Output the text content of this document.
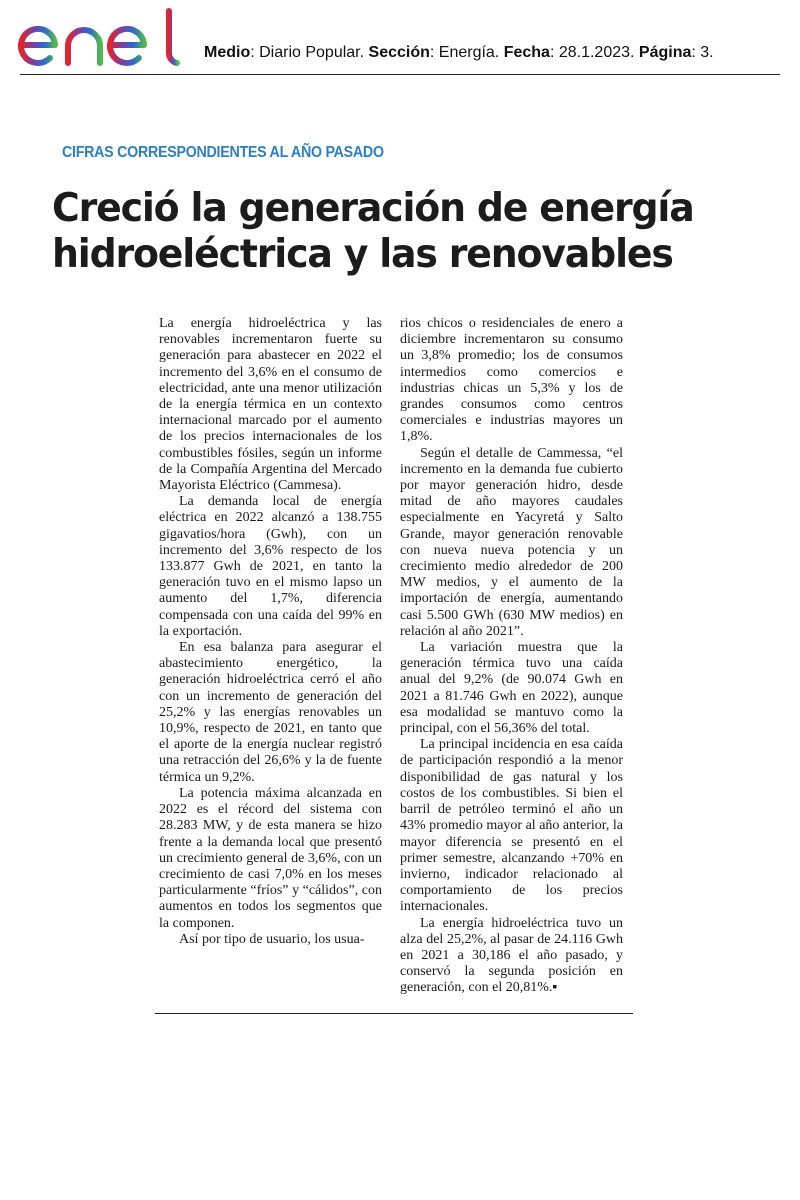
Medio: Diario Popular. Sección: Energía. Fecha: 28.1.2023. Página: 3.
CIFRAS CORRESPONDIENTES AL AÑO PASADO
Creció la generación de energía
hidroeléctrica y las renovables

La energía hidroeléctrica y las renovables incrementaron fuerte su generación para abastecer en 2022 el incremento del 3,6% en el consumo de electricidad, ante una menor utilización de la energía térmica en un contexto internacional marcado por el aumento de los precios internacionales de los combustibles fósiles, según un informe de la Compañía Argentina del Mercado Mayorista Eléctrico (Cammesa).

La demanda local de energía eléctrica en 2022 alcanzó a 138.755 gigavatios/hora (Gwh), con un incremento del 3,6% respecto de los 133.877 Gwh de 2021, en tanto la generación tuvo en el mismo lapso un aumento del 1,7%, diferencia compensada con una caída del 99% en la exportación.

En esa balanza para asegurar el abastecimiento energético, la generación hidroeléctrica cerró el año con un incremento de generación del 25,2% y las energías renovables un 10,9%, respecto de 2021, en tanto que el aporte de la energía nuclear registró una retracción del 26,6% y la de fuente térmica un 9,2%.

La potencia máxima alcanzada en 2022 es el récord del sistema con 28.283 MW, y de esta manera se hizo frente a la demanda local que presentó un crecimiento general de 3,6%, con un crecimiento de casi 7,0% en los meses particularmente “fríos” y “cálidos”, con aumentos en todos los segmentos que la componen.

Así por tipo de usuario, los usua-

rios chicos o residenciales de enero a diciembre incrementaron su consumo un 3,8% promedio; los de consumos intermedios como comercios e industrias chicas un 5,3% y los de grandes consumos como centros comerciales e industrias mayores un 1,8%.

Según el detalle de Cammessa, “el incremento en la demanda fue cubierto por mayor generación hidro, desde mitad de año mayores caudales especialmente en Yacyretá y Salto Grande, mayor generación renovable con nueva nueva potencia y un crecimiento medio alrededor de 200 MW medios, y el aumento de la importación de energía, aumentando casi 5.500 GWh (630 MW medios) en relación al año 2021”.

La variación muestra que la generación térmica tuvo una caída anual del 9,2% (de 90.074 Gwh en 2021 a 81.746 Gwh en 2022), aunque esa modalidad se mantuvo como la principal, con el 56,36% del total.

La principal incidencia en esa caída de participación respondió a la menor disponibilidad de gas natural y los costos de los combustibles. Si bien el barril de petróleo terminó el año un 43% promedio mayor al año anterior, la mayor diferencia se presentó en el primer semestre, alcanzando +70% en invierno, indicador relacionado al comportamiento de los precios internacionales.

La energía hidroeléctrica tuvo un alza del 25,2%, al pasar de 24.116 Gwh en 2021 a 30,186 el año pasado, y conservó la segunda posición en generación, con el 20,81%.▪
